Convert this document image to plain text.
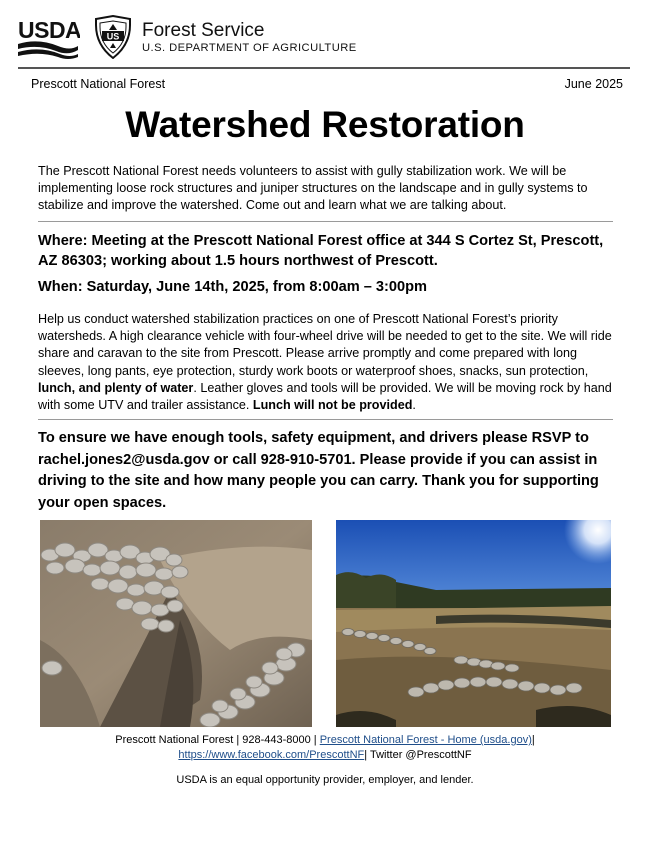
USDA	US Forest Service
U.S. DEPARTMENT OF AGRICULTURE
Prescott National Forest	June 2025
Watershed Restoration
The Prescott National Forest needs volunteers to assist with gully stabilization work. We will be implementing loose rock structures and juniper structures on the landscape and in gully systems to stabilize and improve the watershed. Come out and learn what we are talking about.
Where: Meeting at the Prescott National Forest office at 344 S Cortez St, Prescott, AZ 86303; working about 1.5 hours northwest of Prescott.
When: Saturday, June 14th, 2025, from 8:00am – 3:00pm
Help us conduct watershed stabilization practices on one of Prescott National Forest’s priority watersheds. A high clearance vehicle with four-wheel drive will be needed to get to the site. We will ride share and caravan to the site from Prescott. Please arrive promptly and come prepared with long sleeves, long pants, eye protection, sturdy work boots or waterproof shoes, snacks, sun protection, lunch, and plenty of water. Leather gloves and tools will be provided. We will be moving rock by hand with some UTV and trailer assistance. Lunch will not be provided.
To ensure we have enough tools, safety equipment, and drivers please RSVP to rachel.jones2@usda.gov or call 928-910-5701. Please provide if you can assist in driving to the site and how many people you can carry. Thank you for supporting your open spaces.
Prescott National Forest | 928-443-8000 | Prescott National Forest - Home (usda.gov)|
https://www.facebook.com/PrescottNF| Twitter @PrescottNF
USDA is an equal opportunity provider, employer, and lender.
